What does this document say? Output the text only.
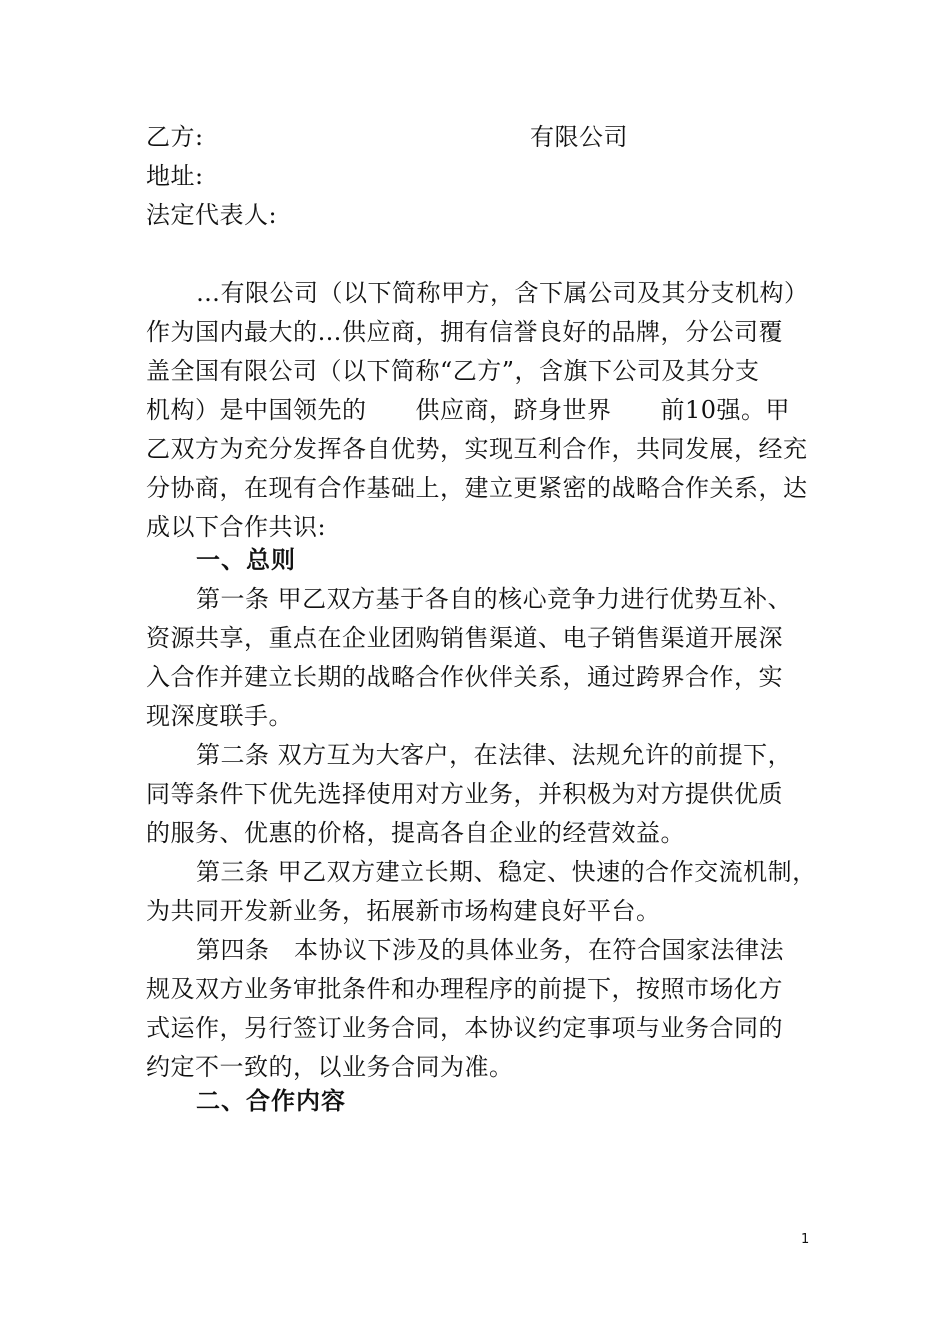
乙方:	有限公司
地址:
法定代表人:
…有限公司（以下简称甲方，含下属公司及其分支机构）
作为国内最大的…供应商，拥有信誉良好的品牌，分公司覆
盖全国有限公司（以下简称“乙方”，含旗下公司及其分支
机构）是中国领先的　　供应商，跻身世界　　前10强。甲
乙双方为充分发挥各自优势，实现互利合作，共同发展，经充
分协商，在现有合作基础上，建立更紧密的战略合作关系，达
成以下合作共识:
一、总则
第一条 甲乙双方基于各自的核心竞争力进行优势互补、
资源共享，重点在企业团购销售渠道、电子销售渠道开展深
入合作并建立长期的战略合作伙伴关系，通过跨界合作，实
现深度联手。
第二条 双方互为大客户，在法律、法规允许的前提下，
同等条件下优先选择使用对方业务，并积极为对方提供优质
的服务、优惠的价格，提高各自企业的经营效益。
第三条 甲乙双方建立长期、稳定、快速的合作交流机制，
为共同开发新业务，拓展新市场构建良好平台。
第四条　本协议下涉及的具体业务，在符合国家法律法
规及双方业务审批条件和办理程序的前提下，按照市场化方
式运作，另行签订业务合同，本协议约定事项与业务合同的
约定不一致的，以业务合同为准。
二、合作内容
1
